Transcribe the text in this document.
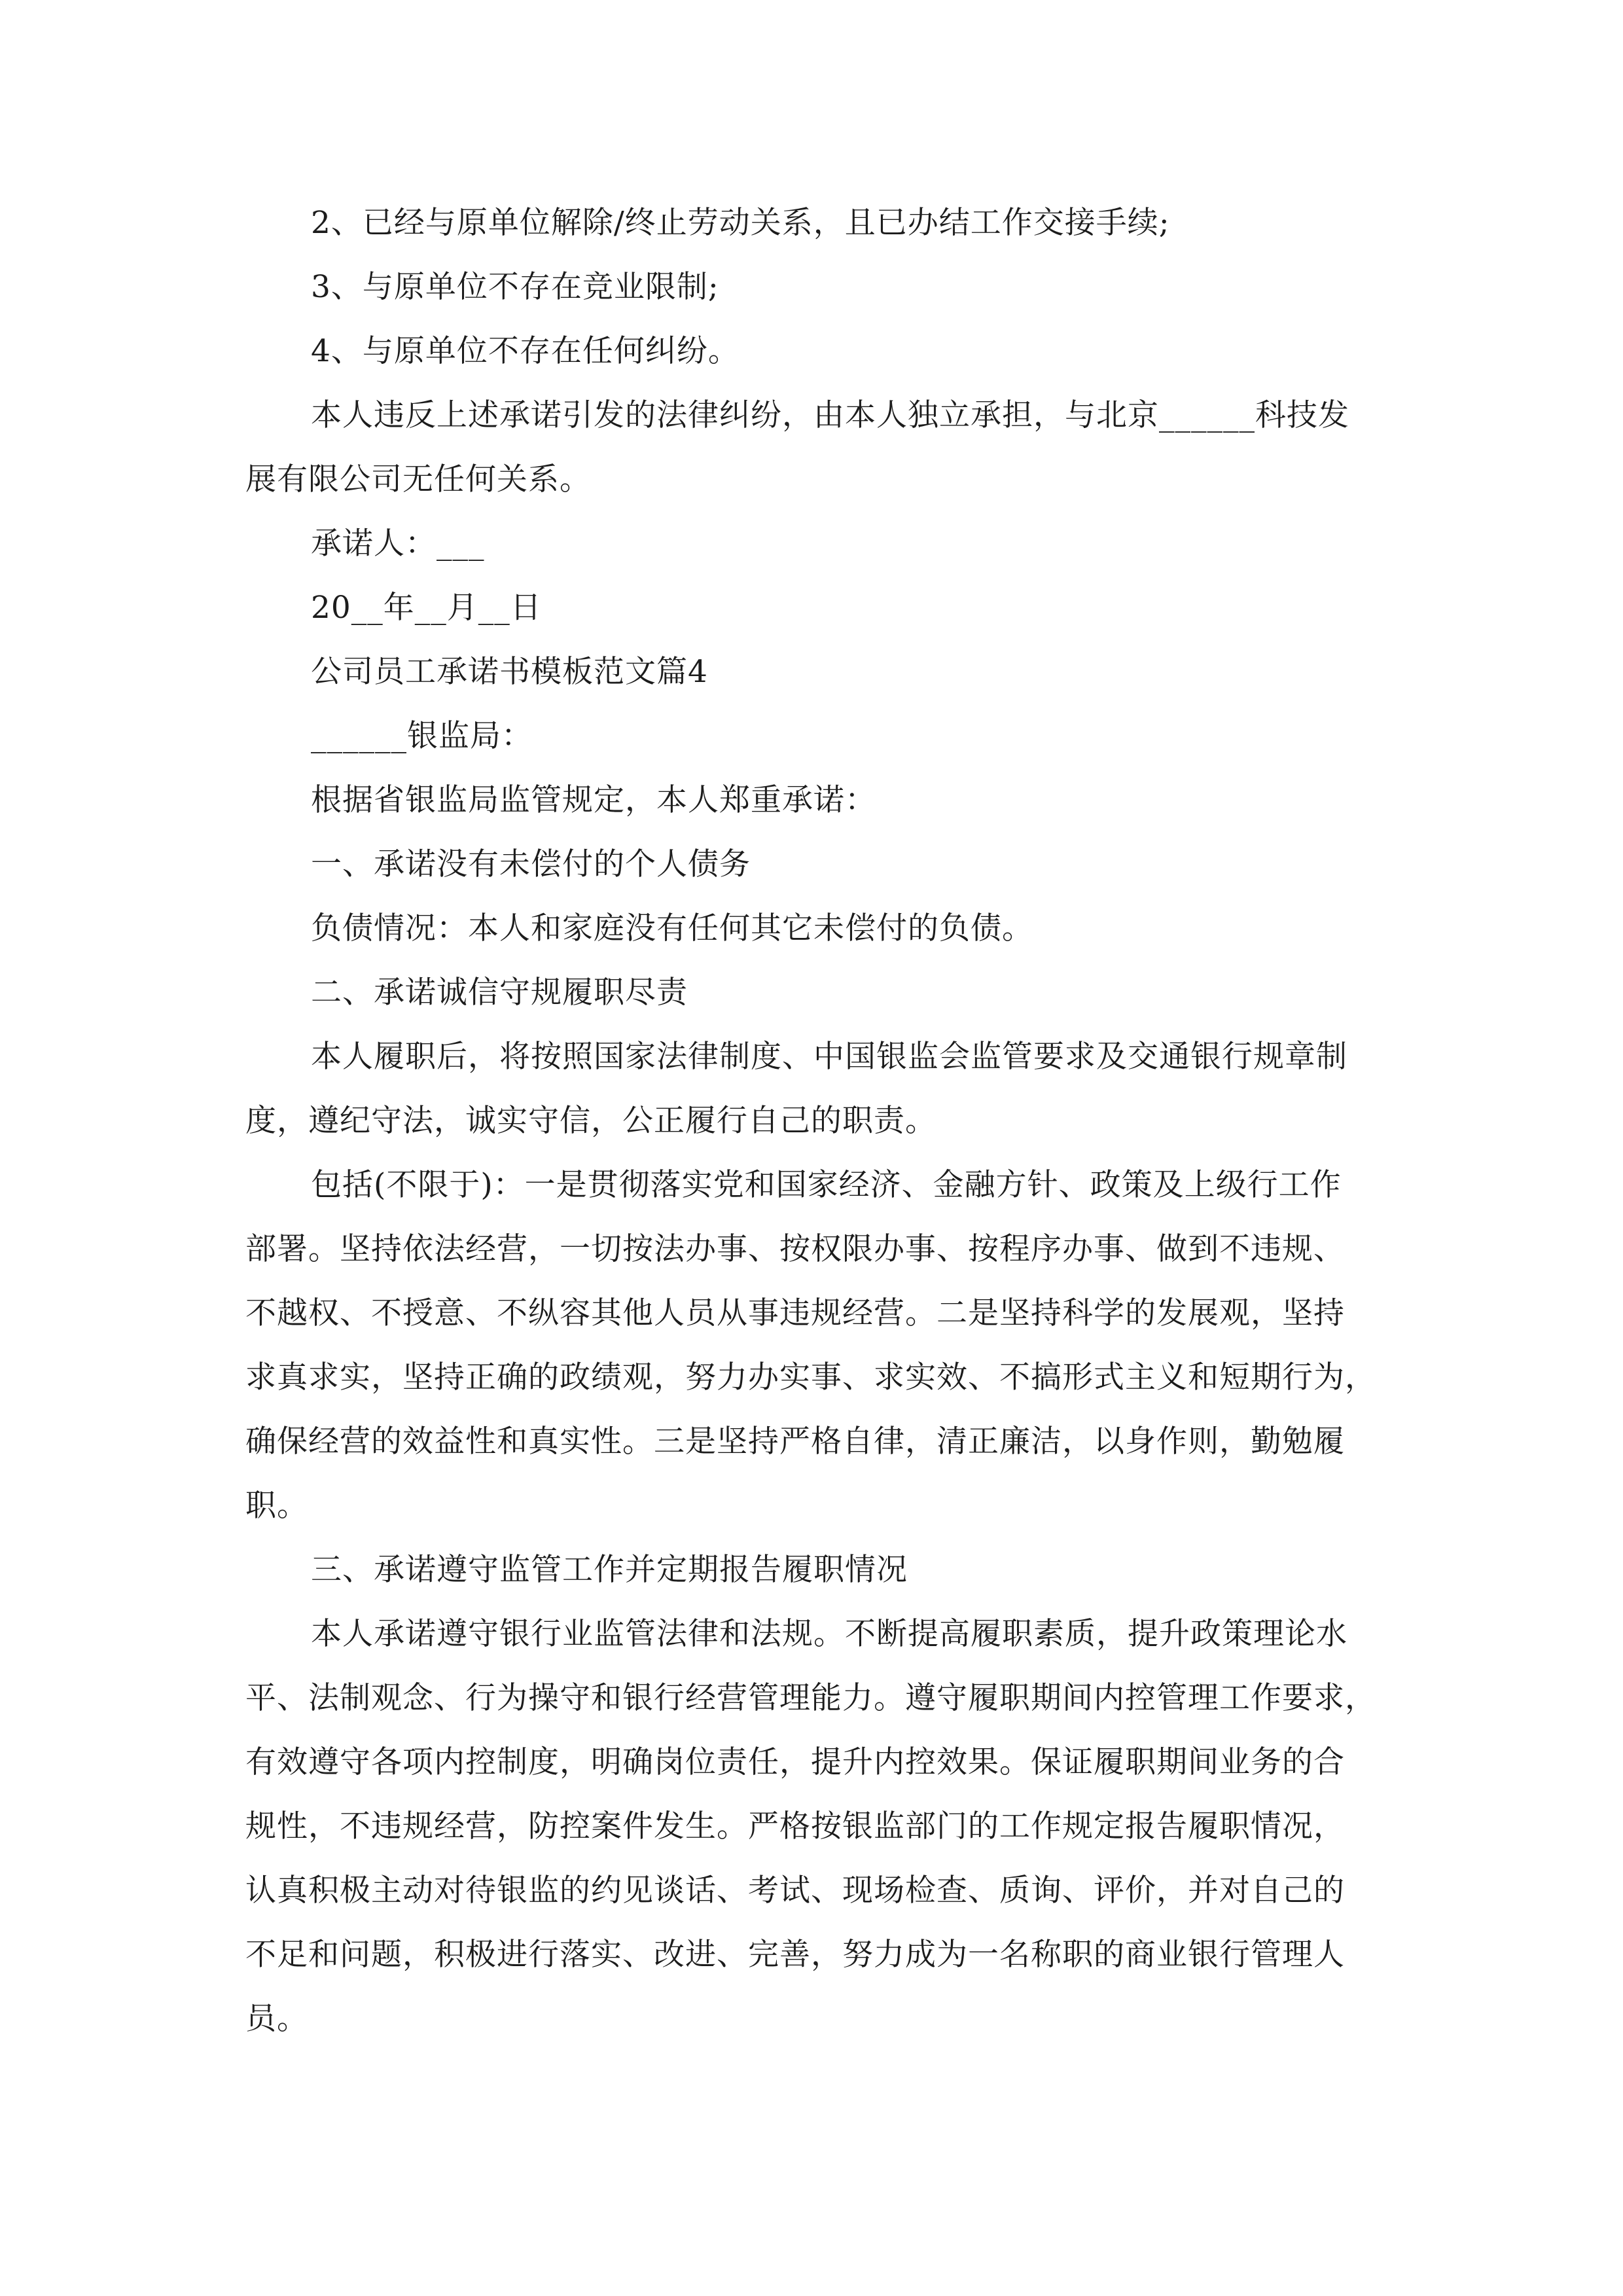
2、已经与原单位解除/终止劳动关系，且已办结工作交接手续;
3、与原单位不存在竞业限制;
4、与原单位不存在任何纠纷。
本人违反上述承诺引发的法律纠纷，由本人独立承担，与北京______科技发
展有限公司无任何关系。
承诺人：___
20__年__月__日
公司员工承诺书模板范文篇4
______银监局：
根据省银监局监管规定，本人郑重承诺：
一、承诺没有未偿付的个人债务
负债情况：本人和家庭没有任何其它未偿付的负债。
二、承诺诚信守规履职尽责
本人履职后，将按照国家法律制度、中国银监会监管要求及交通银行规章制
度，遵纪守法，诚实守信，公正履行自己的职责。
包括(不限于)：一是贯彻落实党和国家经济、金融方针、政策及上级行工作
部署。坚持依法经营，一切按法办事、按权限办事、按程序办事、做到不违规、
不越权、不授意、不纵容其他人员从事违规经营。二是坚持科学的发展观，坚持
求真求实，坚持正确的政绩观，努力办实事、求实效、不搞形式主义和短期行为，
确保经营的效益性和真实性。三是坚持严格自律，清正廉洁，以身作则，勤勉履
职。
三、承诺遵守监管工作并定期报告履职情况
本人承诺遵守银行业监管法律和法规。不断提高履职素质，提升政策理论水
平、法制观念、行为操守和银行经营管理能力。遵守履职期间内控管理工作要求，
有效遵守各项内控制度，明确岗位责任，提升内控效果。保证履职期间业务的合
规性，不违规经营，防控案件发生。严格按银监部门的工作规定报告履职情况，
认真积极主动对待银监的约见谈话、考试、现场检查、质询、评价，并对自己的
不足和问题，积极进行落实、改进、完善，努力成为一名称职的商业银行管理人
员。
